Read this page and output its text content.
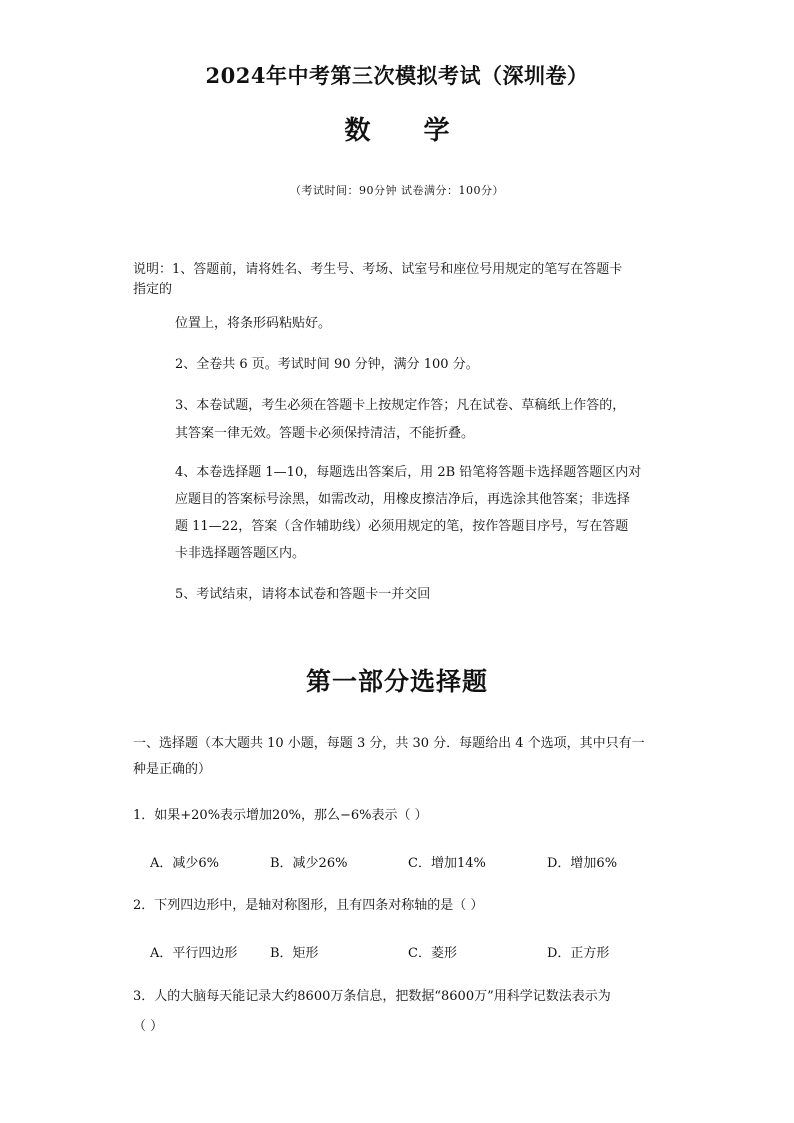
2024年中考第三次模拟考试（深圳卷）
数 学
（考试时间：90分钟 试卷满分：100分）
说明：1、答题前，请将姓名、考生号、考场、试室号和座位号用规定的笔写在答题卡
指定的
位置上，将条形码粘贴好。
2、全卷共 6 页。考试时间 90 分钟，满分 100 分。
3、本卷试题，考生必须在答题卡上按规定作答；凡在试卷、草稿纸上作答的，
其答案一律无效。答题卡必须保持清洁，不能折叠。
4、本卷选择题 1—10，每题选出答案后，用 2B 铅笔将答题卡选择题答题区内对
应题目的答案标号涂黑，如需改动，用橡皮擦洁净后，再选涂其他答案；非选择
题 11—22，答案（含作辅助线）必须用规定的笔，按作答题目序号，写在答题
卡非选择题答题区内。
5、考试结束，请将本试卷和答题卡一并交回
第一部分选择题
一、选择题（本大题共 10 小题，每题 3 分，共 30 分．每题给出 4 个选项，其中只有一
种是正确的）
1．如果+20%表示增加20%，那么−6%表示（ ）
A．减少6%	B．减少26%	C．增加14%	D．增加6%
2．下列四边形中，是轴对称图形，且有四条对称轴的是（ ）
A．平行四边形	B．矩形	C．菱形	D．正方形
3．人的大脑每天能记录大约8600万条信息，把数据“8600万”用科学记数法表示为
（ ）
